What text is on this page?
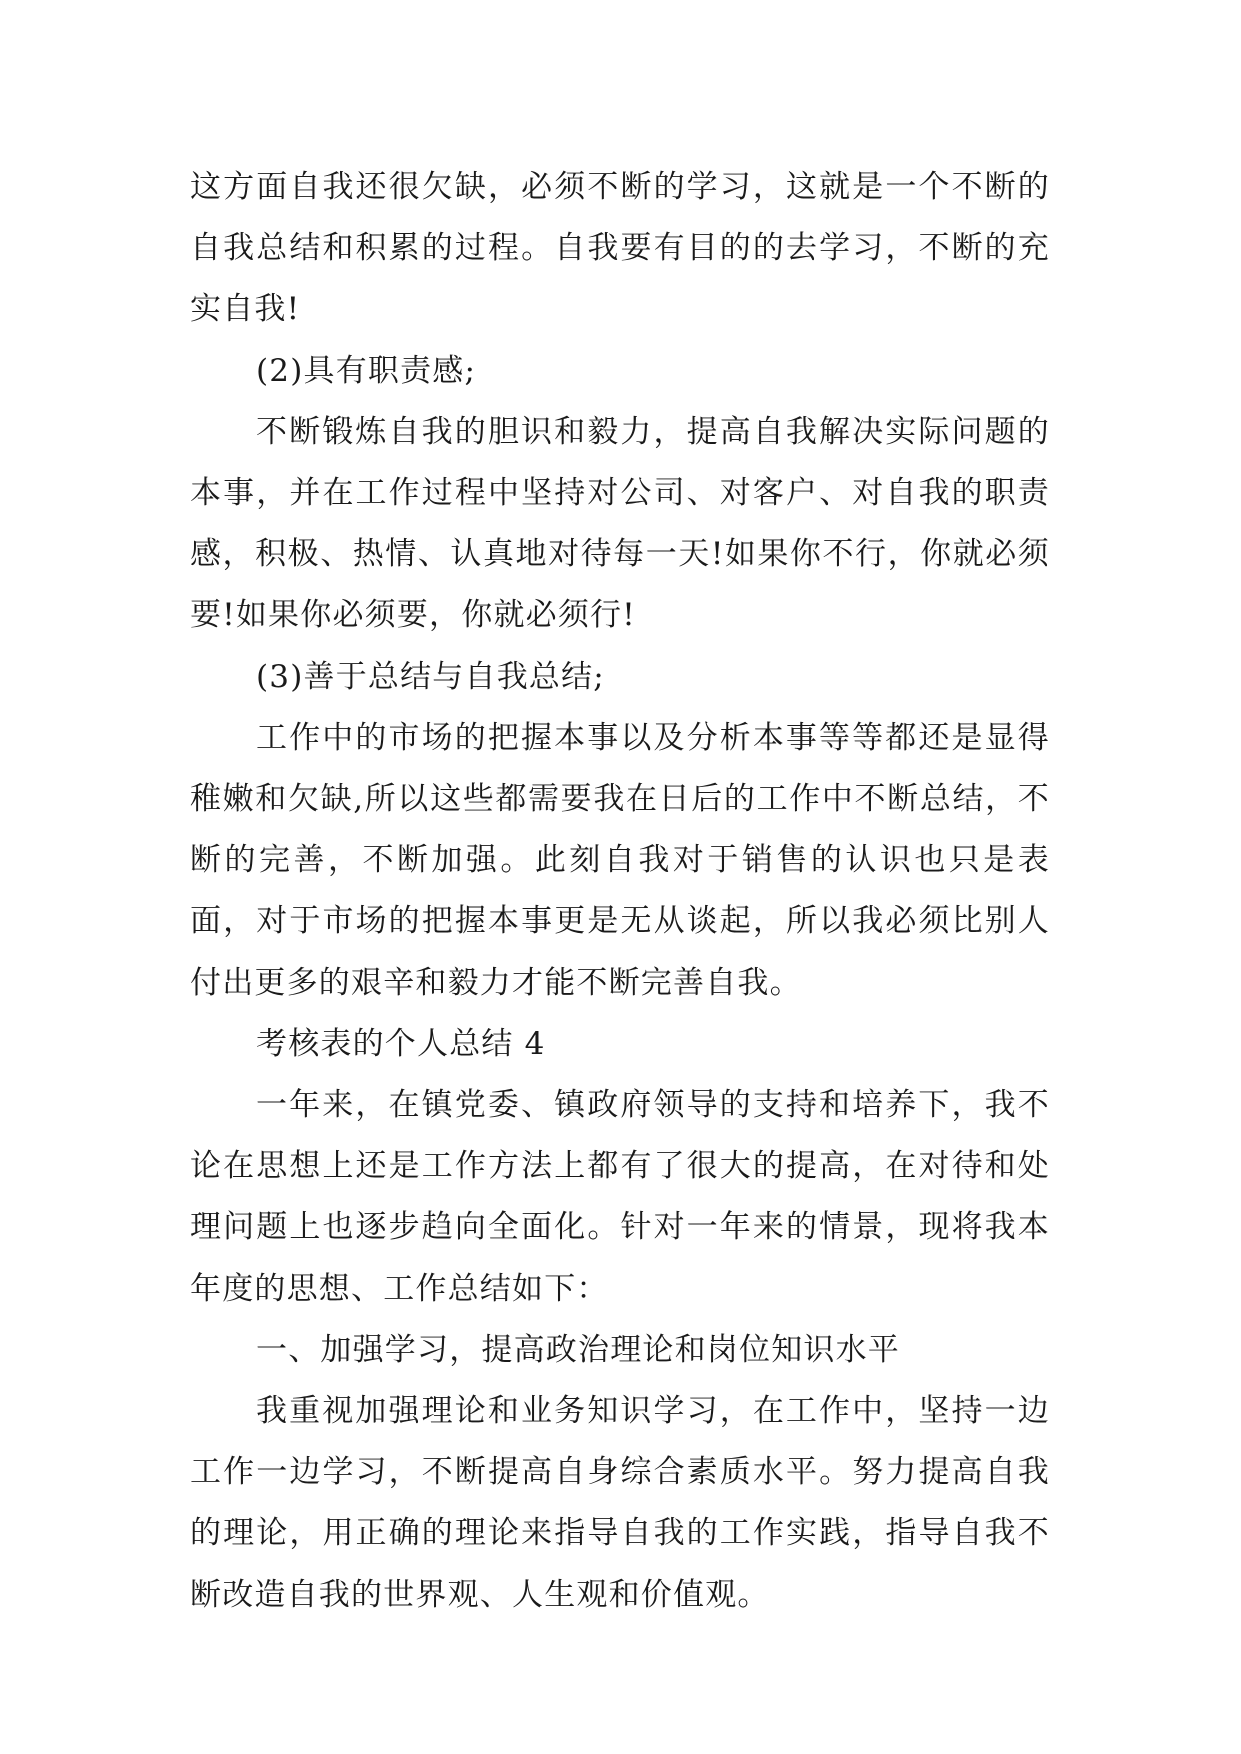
这方面自我还很欠缺，必须不断的学习，这就是一个不断的自我总结和积累的过程。自我要有目的的去学习，不断的充实自我!

(2)具有职责感;

不断锻炼自我的胆识和毅力，提高自我解决实际问题的本事，并在工作过程中坚持对公司、对客户、对自我的职责感，积极、热情、认真地对待每一天!如果你不行，你就必须要!如果你必须要，你就必须行!

(3)善于总结与自我总结;

工作中的市场的把握本事以及分析本事等等都还是显得稚嫩和欠缺,所以这些都需要我在日后的工作中不断总结，不断的完善，不断加强。此刻自我对于销售的认识也只是表面，对于市场的把握本事更是无从谈起，所以我必须比别人付出更多的艰辛和毅力才能不断完善自我。

考核表的个人总结 4

一年来，在镇党委、镇政府领导的支持和培养下，我不论在思想上还是工作方法上都有了很大的提高，在对待和处理问题上也逐步趋向全面化。针对一年来的情景，现将我本年度的思想、工作总结如下：

一、加强学习，提高政治理论和岗位知识水平

我重视加强理论和业务知识学习，在工作中，坚持一边工作一边学习，不断提高自身综合素质水平。努力提高自我的理论，用正确的理论来指导自我的工作实践，指导自我不断改造自我的世界观、人生观和价值观。
